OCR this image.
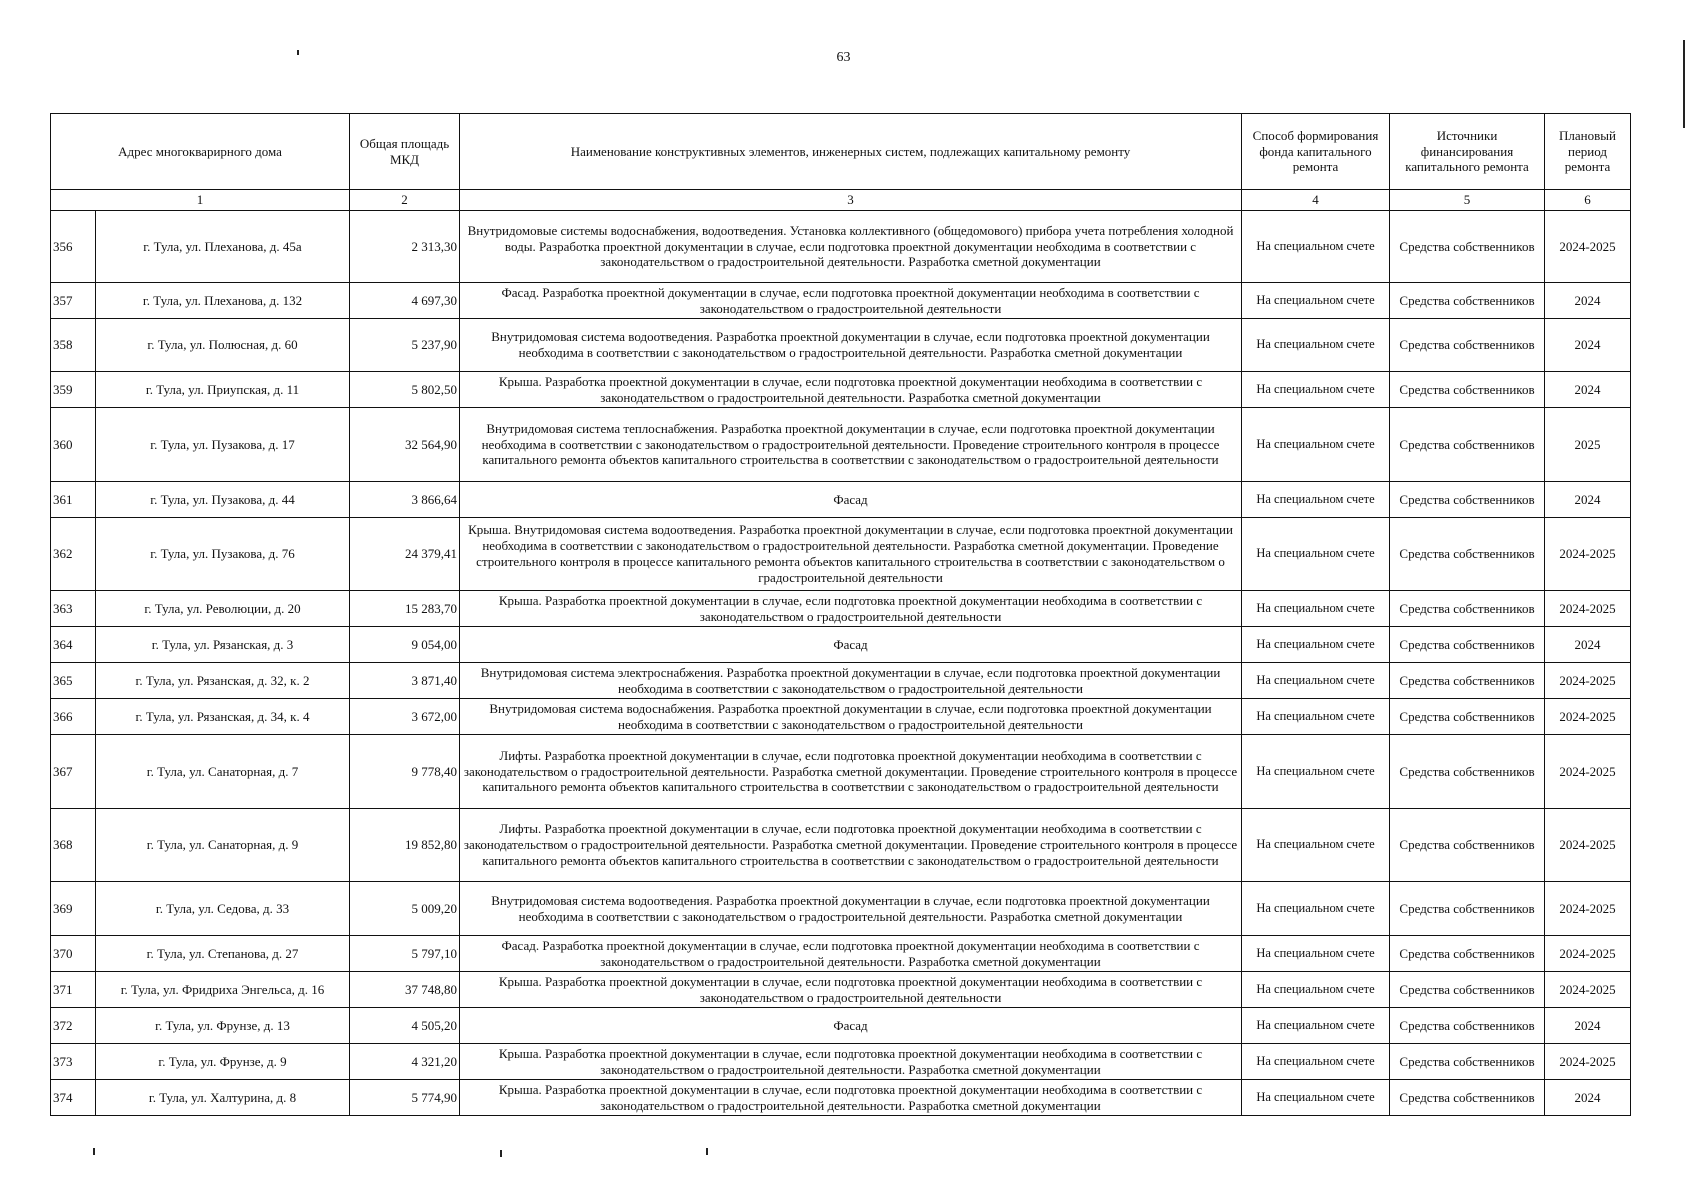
63
Адрес многокварирного дома		Общая площадь МКД	Наименование конструктивных элементов, инженерных систем, подлежащих капитальному ремонту	Способ формирования фонда капитального ремонта	Источники финансирования капитального ремонта	Плановый период ремонта
1		2	3	4	5	6
356	г. Тула, ул. Плеханова, д. 45а	2 313,30	Внутридомовые системы водоснабжения, водоотведения. Установка коллективного (общедомового) прибора учета потребления холодной воды. Разработка проектной документации в случае, если подготовка проектной документации необходима в соответствии с законодательством о градостроительной деятельности. Разработка сметной документации	На специальном счете	Средства собственников	2024-2025
357	г. Тула, ул. Плеханова, д. 132	4 697,30	Фасад. Разработка проектной документации в случае, если подготовка проектной документации необходима в соответствии с законодательством о градостроительной деятельности	На специальном счете	Средства собственников	2024
358	г. Тула, ул. Полюсная, д. 60	5 237,90	Внутридомовая система водоотведения. Разработка проектной документации в случае, если подготовка проектной документации необходима в соответствии с законодательством о градостроительной деятельности. Разработка сметной документации	На специальном счете	Средства собственников	2024
359	г. Тула, ул. Приупская, д. 11	5 802,50	Крыша. Разработка проектной документации в случае, если подготовка проектной документации необходима в соответствии с законодательством о градостроительной деятельности. Разработка сметной документации	На специальном счете	Средства собственников	2024
360	г. Тула, ул. Пузакова, д. 17	32 564,90	Внутридомовая система теплоснабжения. Разработка проектной документации в случае, если подготовка проектной документации необходима в соответствии с законодательством о градостроительной деятельности. Проведение строительного контроля в процессе капитального ремонта объектов капитального строительства в соответствии с законодательством о градостроительной деятельности	На специальном счете	Средства собственников	2025
361	г. Тула, ул. Пузакова, д. 44	3 866,64	Фасад	На специальном счете	Средства собственников	2024
362	г. Тула, ул. Пузакова, д. 76	24 379,41	Крыша. Внутридомовая система водоотведения. Разработка проектной документации в случае, если подготовка проектной документации необходима в соответствии с законодательством о градостроительной деятельности. Разработка сметной документации. Проведение строительного контроля в процессе капитального ремонта объектов капитального строительства в соответствии с законодательством о градостроительной деятельности	На специальном счете	Средства собственников	2024-2025
363	г. Тула, ул. Революции, д. 20	15 283,70	Крыша. Разработка проектной документации в случае, если подготовка проектной документации необходима в соответствии с законодательством о градостроительной деятельности	На специальном счете	Средства собственников	2024-2025
364	г. Тула, ул. Рязанская, д. 3	9 054,00	Фасад	На специальном счете	Средства собственников	2024
365	г. Тула, ул. Рязанская, д. 32, к. 2	3 871,40	Внутридомовая система электроснабжения. Разработка проектной документации в случае, если подготовка проектной документации необходима в соответствии с законодательством о градостроительной деятельности	На специальном счете	Средства собственников	2024-2025
366	г. Тула, ул. Рязанская, д. 34, к. 4	3 672,00	Внутридомовая система водоснабжения. Разработка проектной документации в случае, если подготовка проектной документации необходима в соответствии с законодательством о градостроительной деятельности	На специальном счете	Средства собственников	2024-2025
367	г. Тула, ул. Санаторная, д. 7	9 778,40	Лифты. Разработка проектной документации в случае, если подготовка проектной документации необходима в соответствии с законодательством о градостроительной деятельности. Разработка сметной документации. Проведение строительного контроля в процессе капитального ремонта объектов капитального строительства в соответствии с законодательством о градостроительной деятельности	На специальном счете	Средства собственников	2024-2025
368	г. Тула, ул. Санаторная, д. 9	19 852,80	Лифты. Разработка проектной документации в случае, если подготовка проектной документации необходима в соответствии с законодательством о градостроительной деятельности. Разработка сметной документации. Проведение строительного контроля в процессе капитального ремонта объектов капитального строительства в соответствии с законодательством о градостроительной деятельности	На специальном счете	Средства собственников	2024-2025
369	г. Тула, ул. Седова, д. 33	5 009,20	Внутридомовая система водоотведения. Разработка проектной документации в случае, если подготовка проектной документации необходима в соответствии с законодательством о градостроительной деятельности. Разработка сметной документации	На специальном счете	Средства собственников	2024-2025
370	г. Тула, ул. Степанова, д. 27	5 797,10	Фасад. Разработка проектной документации в случае, если подготовка проектной документации необходима в соответствии с законодательством о градостроительной деятельности. Разработка сметной документации	На специальном счете	Средства собственников	2024-2025
371	г. Тула, ул. Фридриха Энгельса, д. 16	37 748,80	Крыша. Разработка проектной документации в случае, если подготовка проектной документации необходима в соответствии с законодательством о градостроительной деятельности	На специальном счете	Средства собственников	2024-2025
372	г. Тула, ул. Фрунзе, д. 13	4 505,20	Фасад	На специальном счете	Средства собственников	2024
373	г. Тула, ул. Фрунзе, д. 9	4 321,20	Крыша. Разработка проектной документации в случае, если подготовка проектной документации необходима в соответствии с законодательством о градостроительной деятельности. Разработка сметной документации	На специальном счете	Средства собственников	2024-2025
374	г. Тула, ул. Халтурина, д. 8	5 774,90	Крыша. Разработка проектной документации в случае, если подготовка проектной документации необходима в соответствии с законодательством о градостроительной деятельности. Разработка сметной документации	На специальном счете	Средства собственников	2024
